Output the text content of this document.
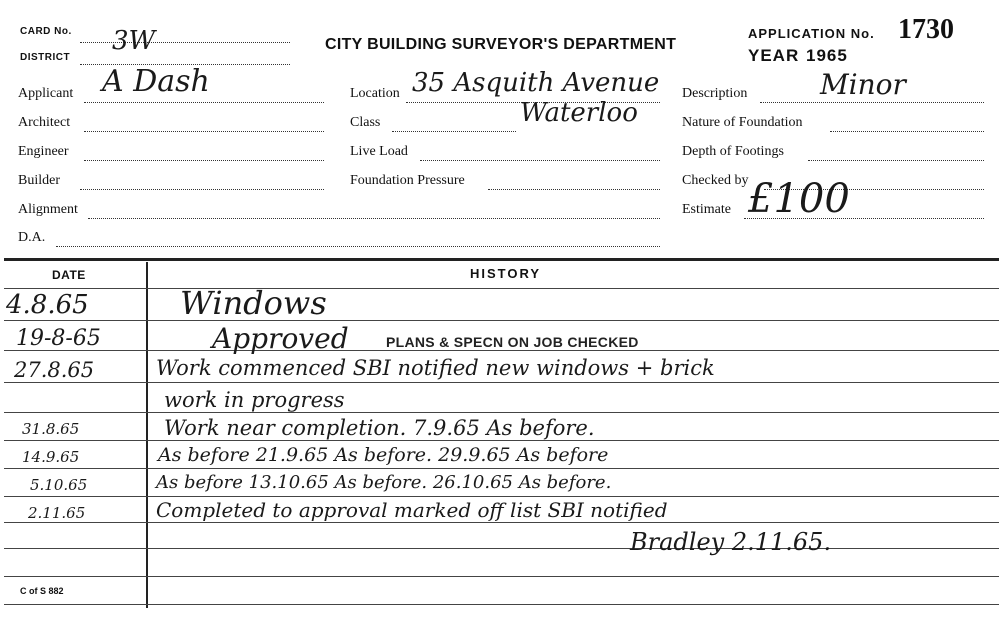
CARD No.
DISTRICT
3W	CITY BUILDING SURVEYOR'S DEPARTMENT
APPLICATION No. 1730
YEAR 1965
Applicant A Dash
Architect
Engineer
Builder
Alignment
D.A.
Location 35 Asquith Avenue
Waterloo
Class
Live Load
Foundation Pressure
Description	Minor
Nature of Foundation
Depth of Footings
Checked by
Estimate £100
DATE	HISTORY
4.8.65	Windows
19-8-65	Approved	PLANS & SPECN ON JOB CHECKED
27.8.65	Work commenced SBI notified new windows + brick
work in progress
31.8.65	Work near completion. 7.9.65 As before.
14.9.65	As before 21.9.65 As before. 29.9.65 As before
5.10.65	As before 13.10.65 As before. 26.10.65 As before.
2.11.65	Completed to approval marked off list SBI notified
Bradley 2.11.65.
C of S 882
